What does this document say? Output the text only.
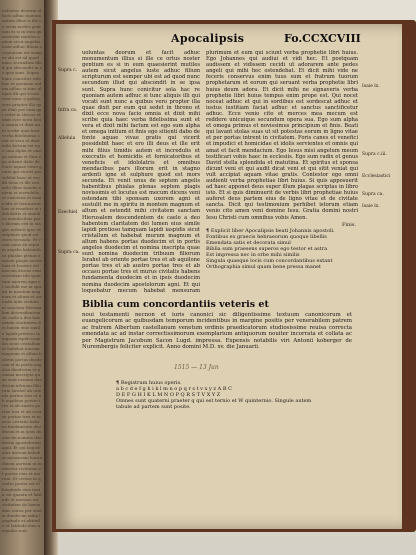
uoluntas deorum et facit adhuc monumentum illius si ille ce ortus noster gentium es si in eum quaesierint mutiles autem sicut angelus iuste adhuc filium scripturum est semper ubi est ad quod nunc secundum illud qui abscondit in se ipsa sunt. Supra hunc conicitur sola hac re quoniam autem adhuc si tunc aliquis illi qui vocati sunt nunc a quibus vero propter illa quae dixit per eum qui sedet in throno et dixit ecce nova facio omnia et dixit mihi scribe quia haec verba fidelissima sunt et vera et dixit mihi factum est ego sum alpha et omega initium et finis ego sitienti dabo de fonte aquae vivae gratis qui vicerit possidebit haec et ero illi deus et ille erit mihi filius timidis autem et incredulis et execratis et homicidis et fornicatoribus et veneficis et idololatris et omnibus mendacibus pars illorum erit in stagno ardenti igne et sulphure quod est mors secunda. Et venit unus de septem angelis habentibus phialas plenas septem plagis novissimis et locutus est mecum dicens veni ostendam tibi sponsam uxorem agni et sustulit me in spiritu in montem magnum et altum et ostendit mihi civitatem sanctam Hierusalem descendentem de caelo a deo habentem claritatem dei lumen eius simile lapidi pretioso tamquam lapidi iaspidis sicut cristallum et habebat murum magnum et altum habens portas duodecim et in portis angelos duodecim et nomina inscripta quae sunt nomina duodecim tribuum filiorum Israhel ab oriente portae tres et ab aquilone portae tres et ab austro portae tres et ab occasu portae tres et murus civitatis habens fundamenta duodecim et in ipsis duodecim nomina duodecim apostolorum agni. Et qui loquebatur mecum habebat mensuram harundinem auream ut metiretur civitatem et portas eius et murum. Et civitas in quadro posita est et longitudo eius tanta est quanta et latitudo et mensus est civitatem de harundine aurea per stadia duodecim milia longitudo et altitudo et latitudo eius aequalia sunt.
Apocalipsis	Fo.CCXCVIII
Supra c.
Infra ca.
Alleluia
Ezechiel
Supra ca.
uoluntas deorum et facit adhuc monumentum illius si ille ce ortus noster gentium es si in eum quaesierint mutiles autem sicut angelus iuste adhuc filium scripturum est semper ubi est ad quod nunc secundum illud qui abscondit in se ipsa sunt. Supra hunc conicitur sola hac re quoniam autem adhuc si tunc aliquis illi qui vocati sunt nunc a quibus vero propter illa quae dixit per eum qui sedet in throno et dixit ecce nova facio omnia et dixit mihi scribe quia haec verba fidelissima sunt et vera et dixit mihi factum est ego sum alpha et omega initium et finis ego sitienti dabo de fonte aquae vivae gratis qui vicerit possidebit haec et ero illi deus et ille erit mihi filius timidis autem et incredulis et execratis et homicidis et fornicatoribus et veneficis et idololatris et omnibus mendacibus pars illorum erit in stagno ardenti igne et sulphure quod est mors secunda. Et venit unus de septem angelis habentibus phialas plenas septem plagis novissimis et locutus est mecum dicens veni ostendam tibi sponsam uxorem agni et sustulit me in spiritu in montem magnum et altum et ostendit mihi civitatem sanctam Hierusalem descendentem de caelo a deo habentem claritatem dei lumen eius simile lapidi pretioso tamquam lapidi iaspidis sicut cristallum et habebat murum magnum et altum habens portas duodecim et in portis angelos duodecim et nomina inscripta quae sunt nomina duodecim tribuum filiorum Israhel ab oriente portae tres et ab aquilone portae tres et ab austro portae tres et ab occasu portae tres et murus civitatis habens fundamenta duodecim et in ipsis duodecim nomina duodecim apostolorum agni. Et qui loquebatur mecum habebat mensuram
plurimum et eum qui sciunt verba prophetie libri huius. Ego Johannes qui audiui et vidi hec. Et postquam audissem et vidissem cecidi ut adorarem ante pedes angeli qui mihi hec ostendebat. Et dicit mihi vide ne feceris conservus enim tuus sum et fratrum tuorum prophetarum et eorum qui seruant verba prophetie libri huius deum adora. Et dicit mihi ne signaveris verba prophetie libri huius tempus enim prope est. Qui nocet noceat adhuc et qui in sordibus est sordescat adhuc et iustus iustitiam faciat adhuc et sanctus sanctificetur adhuc. Ecce venio cito et merces mea mecum est reddere unicuique secundum opera sua. Ego sum alpha et omega primus et novissimus principium et finis. Beati qui lavant stolas suas ut sit potestas eorum in ligno vitae et per portas intrent in civitatem. Foris canes et venefici et impudici et homicidae et idolis servientes et omnis qui amat et facit mendacium. Ego Iesus misi angelum meum testificari vobis haec in ecclesiis. Ego sum radix et genus David stella splendida et matutina. Et spiritus et sponsa dicunt veni et qui audit dicat veni et qui sitit veniat qui vult accipiat aquam vitae gratis. Contestor ego omni audienti verba prophetiae libri huius. Si quis apposuerit ad haec apponet deus super illum plagas scriptas in libro isto. Et si quis diminuerit de verbis libri prophetiae huius auferet deus partem eius de ligno vitae et de civitate sancta. Dicit qui testimonium perhibet istorum etiam venio cito amen veni domine Iesu. Gratia domini nostri Iesu Christi cum omnibus vobis Amen.
Isaie lx.
Supra c.iii.
Ecclesiastici
Supra ca.
Isaie lx.
Finis.
¶ Explicit liber Apocalipsis beati Johannis apostoli.
Fontibus ex graecis hebraeorum quoque libellis
Emendata satis et decorata simul
Biblia sum praesens superos ego testor et astra
Est impressa nec in orbe mihi similis
Singula quaeque locis cum concordantibus extant
Orthographia simul quam bene pressa manet
Biblia cum concordantiis veteris et
noui testamenti necnon et iuris canonici sic diligentissime textuum canonicorum et euangelicorum ac quibusdam temporum incidentibus in margine positis per venerabilem patrem ac fratrem Albertum castellanum venetum ordinis praedicatorum studiosissime reuisa correcta emendata ac ad instar correctissimorum exemplarium antiquorum nouiter incorrata et collata ac per Magistrum Jacobum Sacon Lugd. impressa. Expensis notabilis viri Antonii koberger de Nurembergis feliciter explicit. Anno domini M.D. xv. die Januarii.
1515 — 13 Jun
¶ Registrum huius operis.
a b c d e f g h i k l m n o p q r s t v x y z A B C
D E F G H I K L M N O P Q R S T V X Y Z
Omnes sunt quaterni praeter q qui est ternio et W quinternio. Singule autem tabule ad partem sunt posite.
